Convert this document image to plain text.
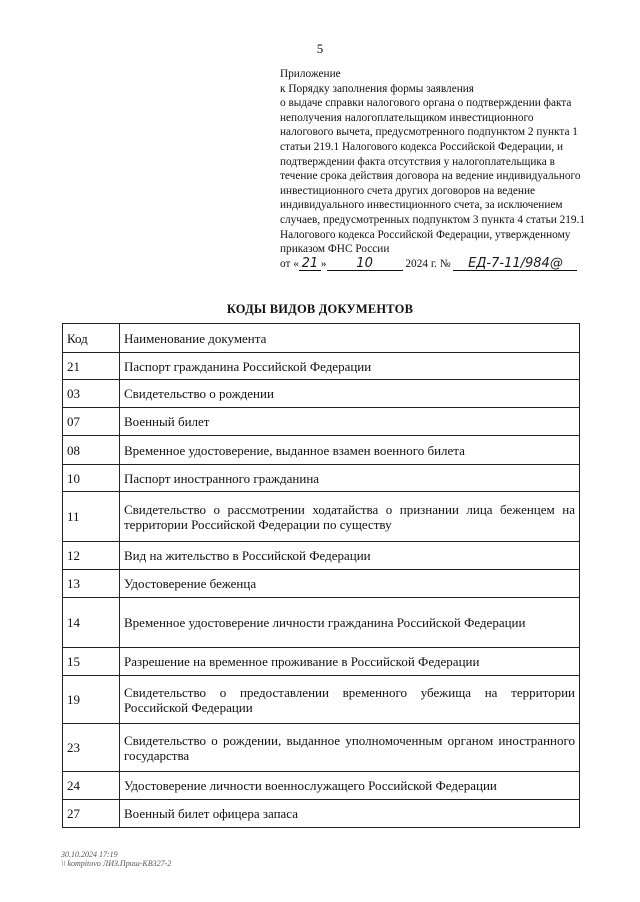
5
Приложение
к Порядку заполнения формы заявления
о выдаче справки налогового органа о подтверждении факта
неполучения налогоплательщиком инвестиционного
налогового вычета, предусмотренного подпунктом 2 пункта 1
статьи 219.1 Налогового кодекса Российской Федерации, и
подтверждении факта отсутствия у налогоплательщика в
течение срока действия договора на ведение индивидуального
инвестиционного счета других договоров на ведение
индивидуального инвестиционного счета, за исключением
случаев, предусмотренных подпунктом 3 пункта 4 статьи 219.1
Налогового кодекса Российской Федерации, утвержденному
приказом ФНС России
от « 21 » 10	2024 г. № ЕД-7-11/984@
КОДЫ ВИДОВ ДОКУМЕНТОВ
Код	Наименование документа
21	Паспорт гражданина Российской Федерации
03	Свидетельство о рождении
07	Военный билет
08	Временное удостоверение, выданное взамен военного билета
10	Паспорт иностранного гражданина
11	Свидетельство о рассмотрении ходатайства о признании лица беженцем на территории Российской Федерации по существу
12	Вид на жительство в Российской Федерации
13	Удостоверение беженца
14	Временное удостоверение личности гражданина Российской Федерации
15	Разрешение на временное проживание в Российской Федерации
19	Свидетельство о предоставлении временного убежища на территории Российской Федерации
23	Свидетельство о рождении, выданное уполномоченным органом иностранного государства
24	Удостоверение личности военнослужащего Российской Федерации
27	Военный билет офицера запаса
30.10.2024 17:19
\\ kompitovo ЛИЗ.Приш-КВ327-2
